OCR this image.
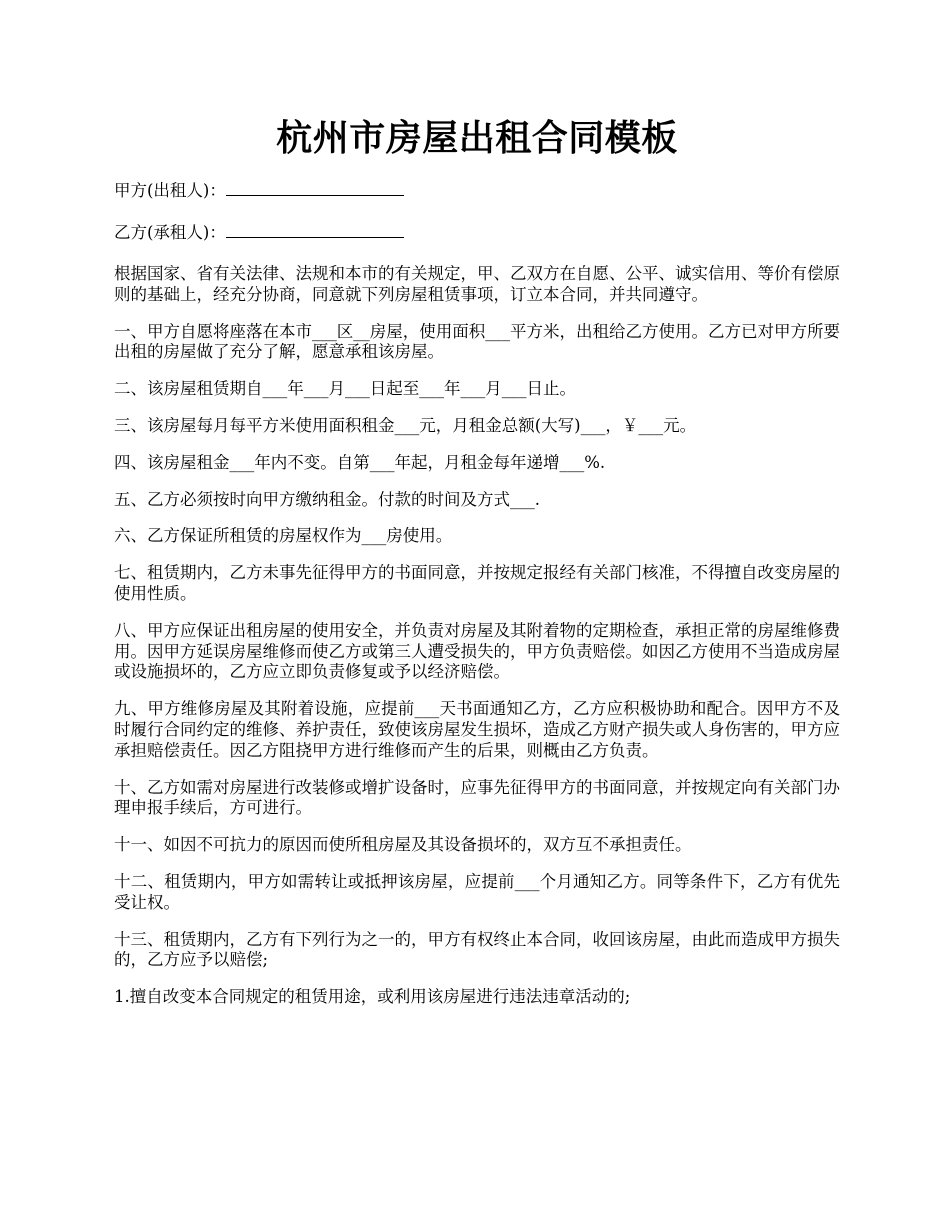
杭州市房屋出租合同模板
甲方(出租人)：
乙方(承租人)：

根据国家、省有关法律、法规和本市的有关规定，甲、乙双方在自愿、公平、诚实信用、等价有偿原则的基础上，经充分协商，同意就下列房屋租赁事项，订立本合同，并共同遵守。

一、甲方自愿将座落在本市___区__房屋，使用面积___平方米，出租给乙方使用。乙方已对甲方所要出租的房屋做了充分了解，愿意承租该房屋。

二、该房屋租赁期自___年___月___日起至___年___月___日止。

三、该房屋每月每平方米使用面积租金___元，月租金总额(大写)___，￥___元。

四、该房屋租金___年内不变。自第___年起，月租金每年递增___%.

五、乙方必须按时向甲方缴纳租金。付款的时间及方式___.

六、乙方保证所租赁的房屋权作为___房使用。

七、租赁期内，乙方未事先征得甲方的书面同意，并按规定报经有关部门核准，不得擅自改变房屋的使用性质。

八、甲方应保证出租房屋的使用安全，并负责对房屋及其附着物的定期检查，承担正常的房屋维修费用。因甲方延误房屋维修而使乙方或第三人遭受损失的，甲方负责赔偿。如因乙方使用不当造成房屋或设施损坏的，乙方应立即负责修复或予以经济赔偿。

九、甲方维修房屋及其附着设施，应提前___天书面通知乙方，乙方应积极协助和配合。因甲方不及时履行合同约定的维修、养护责任，致使该房屋发生损坏，造成乙方财产损失或人身伤害的，甲方应承担赔偿责任。因乙方阻挠甲方进行维修而产生的后果，则概由乙方负责。

十、乙方如需对房屋进行改装修或增扩设备时，应事先征得甲方的书面同意，并按规定向有关部门办理申报手续后，方可进行。

十一、如因不可抗力的原因而使所租房屋及其设备损坏的，双方互不承担责任。

十二、租赁期内，甲方如需转让或抵押该房屋，应提前___个月通知乙方。同等条件下，乙方有优先受让权。

十三、租赁期内，乙方有下列行为之一的，甲方有权终止本合同，收回该房屋，由此而造成甲方损失的，乙方应予以赔偿;

1.擅自改变本合同规定的租赁用途，或利用该房屋进行违法违章活动的;
